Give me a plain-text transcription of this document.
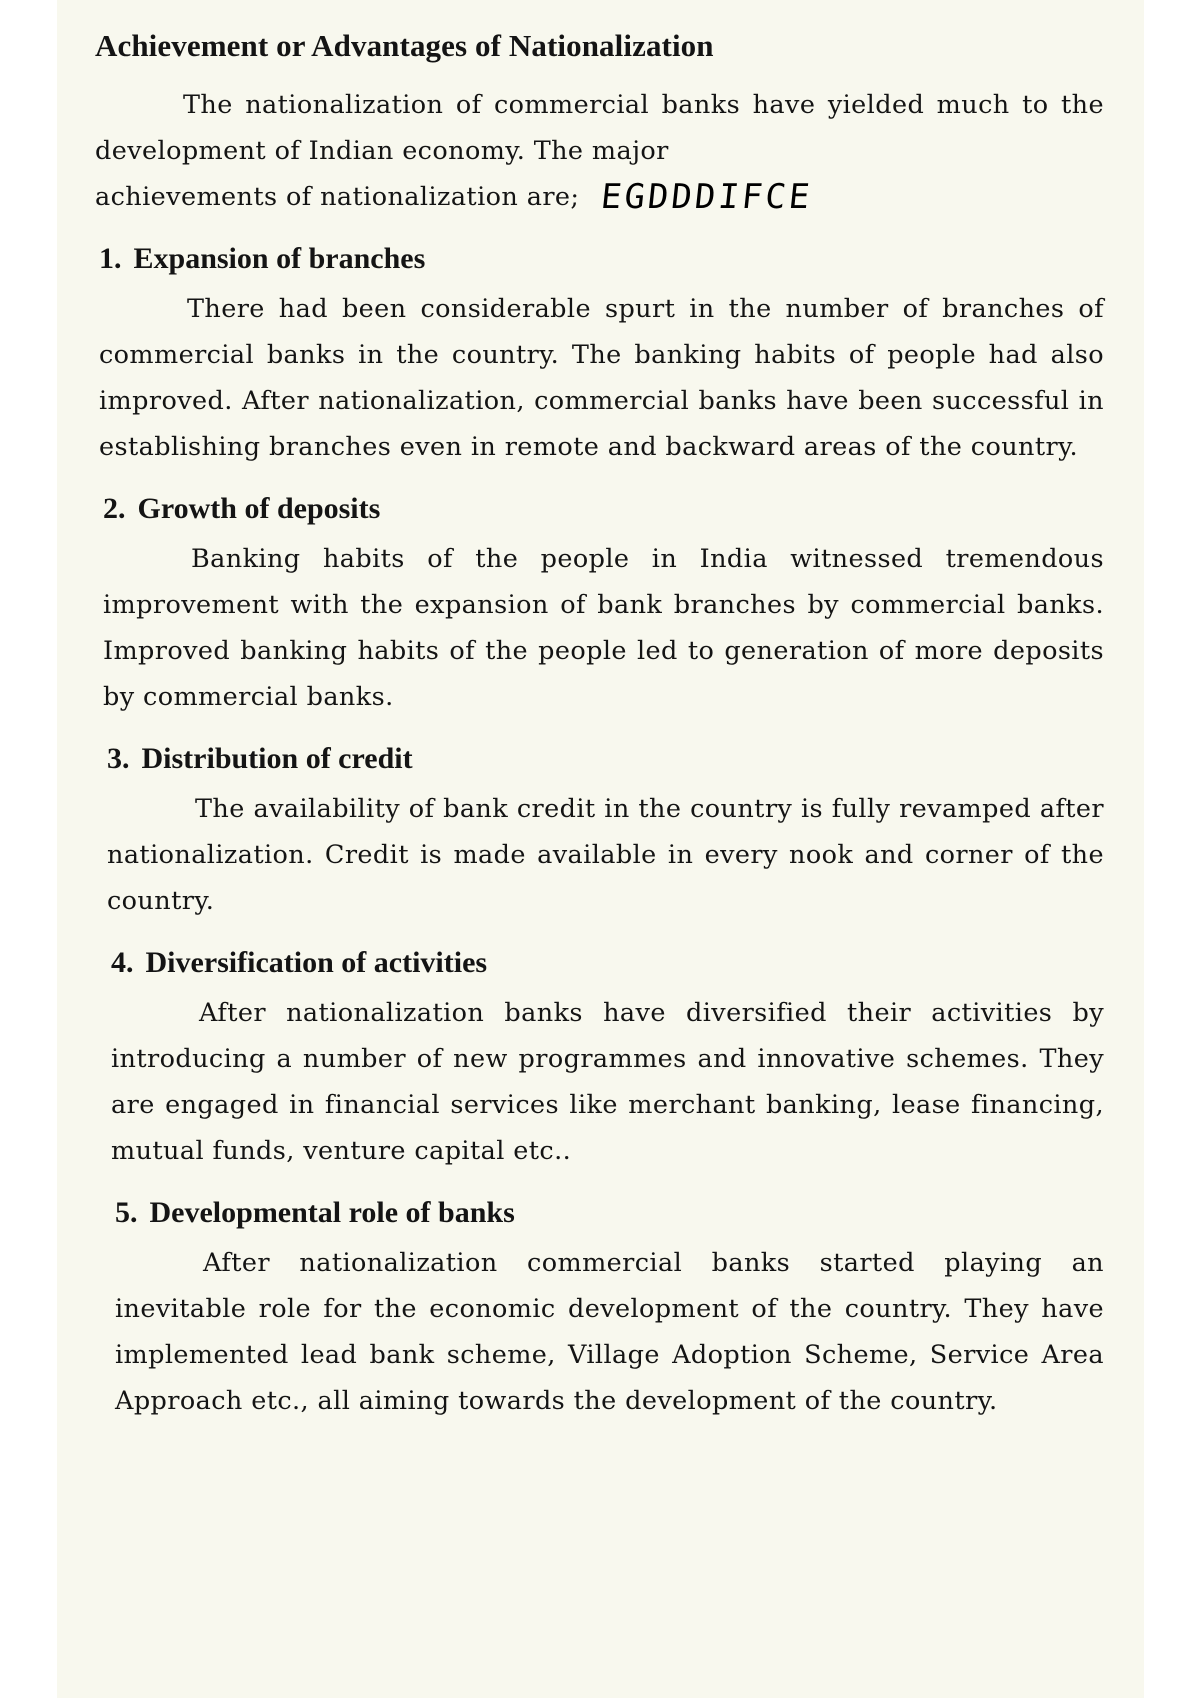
Achievement or Advantages of Nationalization

The nationalization of commercial banks have yielded much to the development of Indian economy. The major

achievements of nationalization are; EGDDDIFCE
1. Expansion of branches

There had been considerable spurt in the number of branches of commercial banks in the country. The banking habits of people had also improved. After nationalization, commercial banks have been successful in establishing branches even in remote and backward areas of the country.

2. Growth of deposits

Banking habits of the people in India witnessed tremendous improvement with the expansion of bank branches by commercial banks. Improved banking habits of the people led to generation of more deposits by commercial banks.

3. Distribution of credit

The availability of bank credit in the country is fully revamped after nationalization. Credit is made available in every nook and corner of the country.

4. Diversification of activities

After nationalization banks have diversified their activities by introducing a number of new programmes and innovative schemes. They are engaged in financial services like merchant banking, lease financing, mutual funds, venture capital etc..

5. Developmental role of banks

After nationalization commercial banks started playing an inevitable role for the economic development of the country. They have implemented lead bank scheme, Village Adoption Scheme, Service Area Approach etc., all aiming towards the development of the country.
